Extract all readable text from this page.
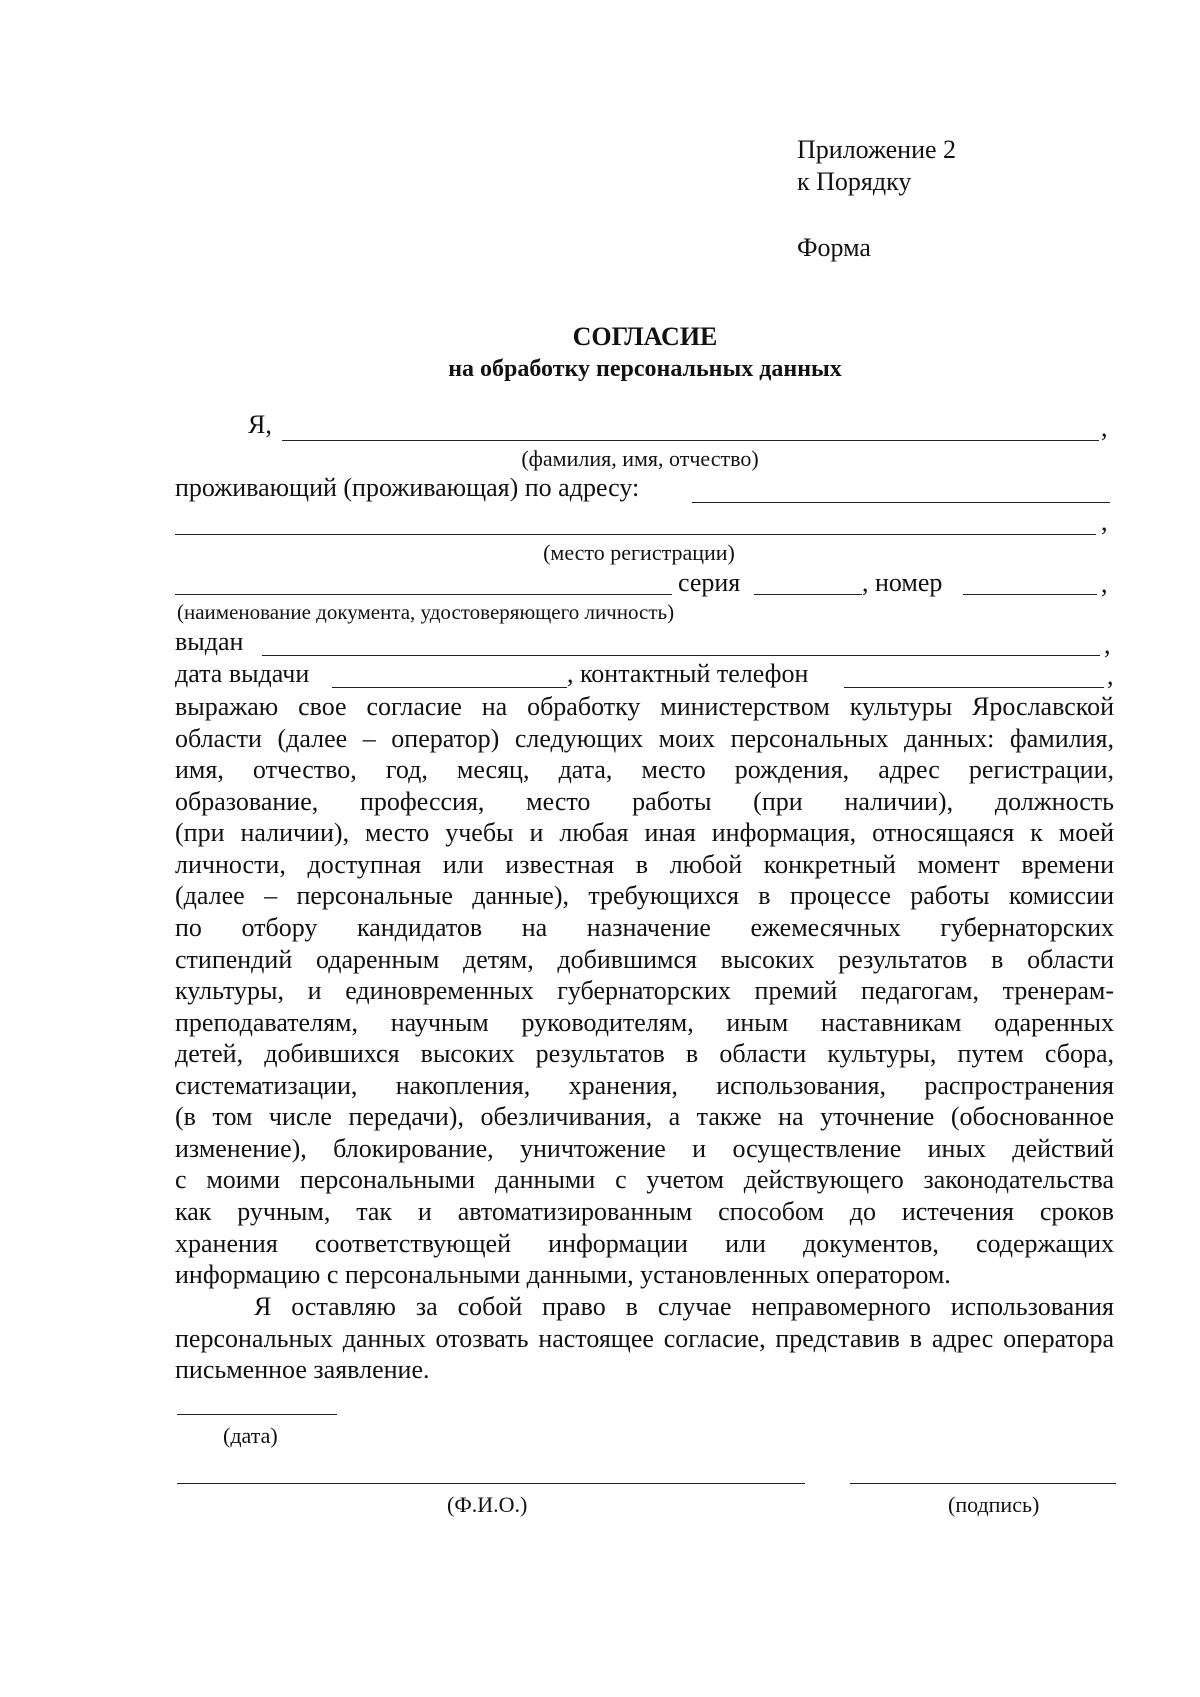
Приложение 2
к Порядку
Форма
СОГЛАСИЕ
на обработку персональных данных
Я,	,
(фамилия, имя, отчество)
проживающий (проживающая) по адресу:
,
(место регистрации)
серия	, номер	,
(наименование документа, удостоверяющего личность)
выдан	,
дата выдачи	, контактный телефон	,
выражаю свое согласие на обработку министерством культуры Ярославской
области (далее – оператор) следующих моих персональных данных: фамилия,
имя, отчество, год, месяц, дата, место рождения, адрес регистрации,
образование, профессия, место работы (при наличии), должность
(при наличии), место учебы и любая иная информация, относящаяся к моей
личности, доступная или известная в любой конкретный момент времени
(далее – персональные данные), требующихся в процессе работы комиссии
по отбору кандидатов на назначение ежемесячных губернаторских
стипендий одаренным детям, добившимся высоких результатов в области
культуры, и единовременных губернаторских премий педагогам, тренерам-
преподавателям, научным руководителям, иным наставникам одаренных
детей, добившихся высоких результатов в области культуры, путем сбора,
систематизации, накопления, хранения, использования, распространения
(в том числе передачи), обезличивания, а также на уточнение (обоснованное
изменение), блокирование, уничтожение и осуществление иных действий
с моими персональными данными с учетом действующего законодательства
как ручным, так и автоматизированным способом до истечения сроков
хранения соответствующей информации или документов, содержащих
информацию с персональными данными, установленных оператором.
Я оставляю за собой право в случае неправомерного использования персональных данных отозвать настоящее согласие, представив в адрес оператора письменное заявление.
(дата)
(Ф.И.О.)	(подпись)
